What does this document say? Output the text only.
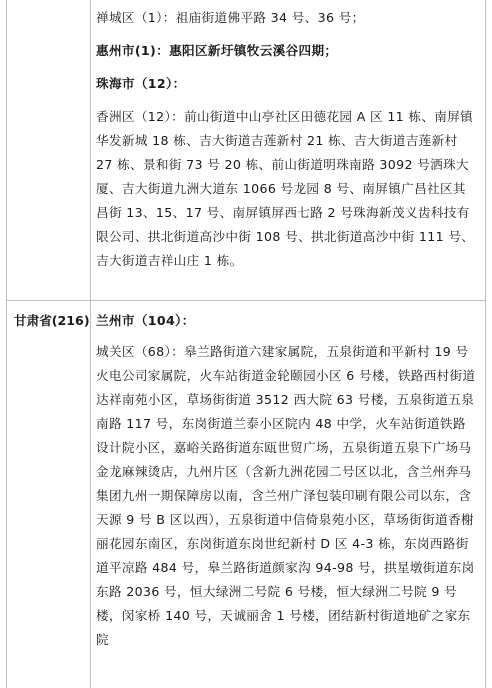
禅城区（1）：祖庙街道佛平路 34 号、36 号；

惠州市(1)：惠阳区新圩镇牧云溪谷四期；

珠海市（12）：

香洲区（12）：前山街道中山亭社区田德花园 A 区 11 栋、南屏镇华发新城 18 栋、吉大街道吉莲新村 21 栋、吉大街道吉莲新村 27 栋、景和街 73 号 20 栋、前山街道明珠南路 3092 号洒珠大厦、吉大街道九洲大道东 1066 号龙园 8 号、南屏镇广昌社区其昌街 13、15、17 号、南屏镇屏西七路 2 号珠海新茂义齿科技有限公司、拱北街道高沙中街 108 号、拱北街道高沙中街 111 号、吉大街道吉祥山庄 1 栋。

甘肃省(216) 兰州市（104）：

城关区（68）：皋兰路街道六建家属院，五泉街道和平新村 19 号火电公司家属院，火车站街道金轮颐园小区 6 号楼，铁路西村街道达祥南苑小区，草场街街道 3512 西大院 63 号楼，五泉街道五泉南路 117 号，东岗街道兰泰小区院内 48 中学，火车站街道铁路设计院小区，嘉峪关路街道东瓯世贸广场，五泉街道五泉下广场马金龙麻辣烫店，九州片区（含新九洲花园二号区以北，含兰州奔马集团九州一期保障房以南，含兰州广泽包装印刷有限公司以东，含天源 9 号 B 区以西），五泉街道中信倚泉苑小区，草场街街道香榭丽花园东南区，东岗街道东岗世纪新村 D 区 4-3 栋，东岗西路街道平凉路 484 号，皋兰路街道颜家沟 94-98 号，拱星墩街道东岗东路 2036 号，恒大绿洲二号院 6 号楼，恒大绿洲二号院 9 号楼，闵家桥 140 号，天诚丽舍 1 号楼，团结新村街道地矿之家东院
